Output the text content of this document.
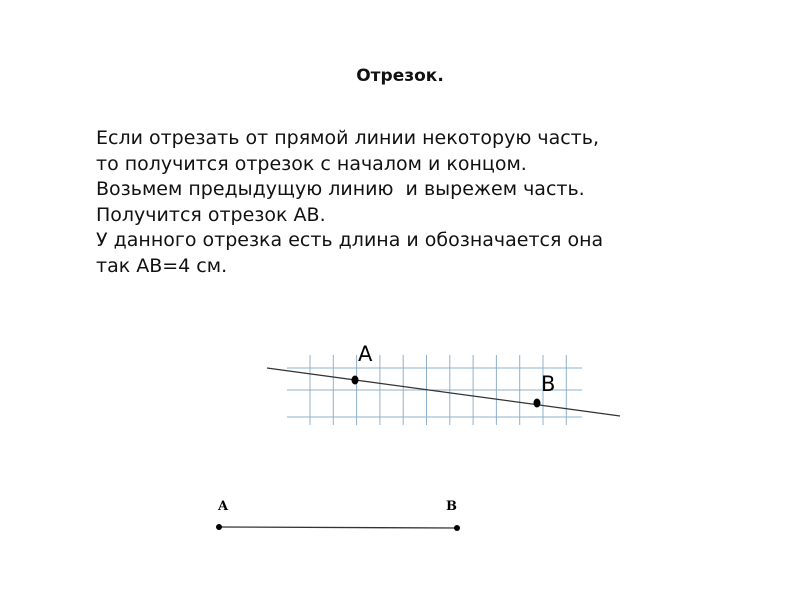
Отрезок.
Если отрезать от прямой линии некоторую часть,
то получится отрезок с началом и концом.
Возьмем предыдущую линию  и вырежем часть.
Получится отрезок AB.
У данного отрезка есть длина и обозначается она
так AB=4 см.
A
B
A	B
